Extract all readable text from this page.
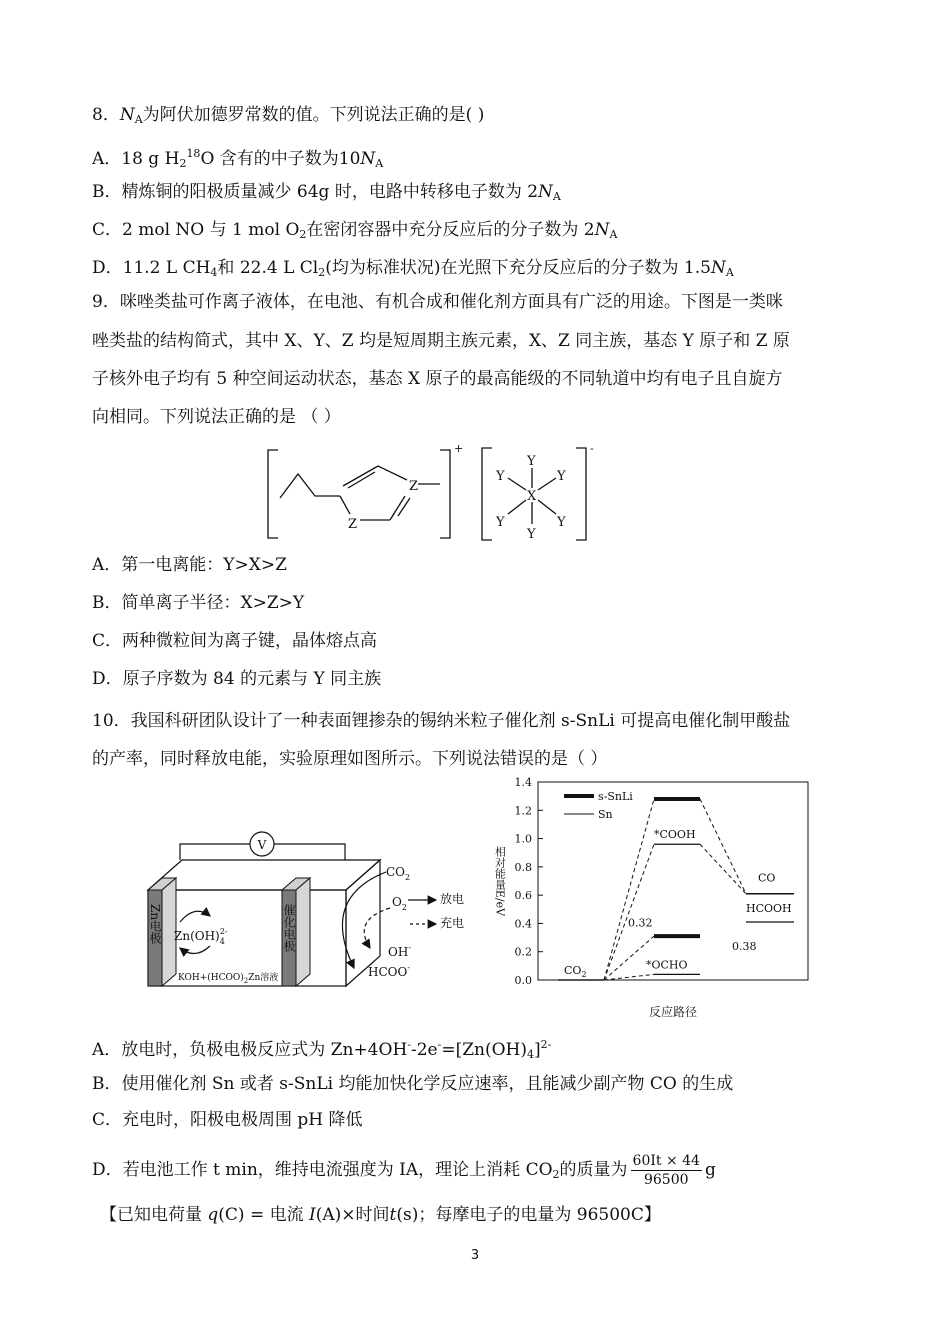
8．$N_A$为阿伏加德罗常数的值。下列说法正确的是( )
A．18 g $H_2^{18}O$ 含有的中子数为$10N_A$
B．精炼铜的阳极质量减少 64g 时，电路中转移电子数为 $2N_A$
C．2 mol NO 与 1 mol $O_2$在密闭容器中充分反应后的分子数为 $2N_A$
D．11.2 L $CH_4$和 22.4 L $Cl_2$(均为标准状况)在光照下充分反应后的分子数为 $1.5N_A$
9．咪唑类盐可作离子液体，在电池、有机合成和催化剂方面具有广泛的用途。下图是一类咪
唑类盐的结构简式，其中 X、Y、Z 均是短周期主族元素，X、Z 同主族，基态 Y 原子和 Z 原
子核外电子均有 5 种空间运动状态，基态 X 原子的最高能级的不同轨道中均有电子且自旋方
向相同。下列说法正确的是 （ ）
Z
Z
+	-
X
Y
Y
Y	Y
Y	Y
A．第一电离能：Y>X>Z
B．简单离子半径：X>Z>Y
C．两种微粒间为离子键，晶体熔点高
D．原子序数为 84 的元素与 Y 同主族
10．我国科研团队设计了一种表面锂掺杂的锡纳米粒子催化剂 s-SnLi 可提高电催化制甲酸盐
的产率，同时释放电能，实验原理如图所示。下列说法错误的是（ ）
V
Zn电极	催化电极
$Zn(OH)_42-$
$KOH+(HCOO)_2Zn$溶液
$CO_2$
$O_2$
放电
充电
OH-
HCOO-
0.0
0.2
0.4
0.6
0.8
1.0
1.2
1.4
相对能量E/eV
反应路径
s-SnLi
Sn
$CO_2$
*COOH
*OCHO
CO
HCOOH
0.32
0.38
A．放电时，负极电极反应式为 $Zn+4OH^--2e^-=[Zn(OH)_4]^{2-}$
B．使用催化剂 Sn 或者 s-SnLi 均能加快化学反应速率，且能减少副产物 CO 的生成
C．充电时，阳极电极周围 pH 降低
D．若电池工作 t min，维持电流强度为 IA，理论上消耗 $CO_2$的质量为 $\frac{60It \times 44}{96500}$ g
【已知电荷量 q(C) = 电流 I(A)×时间t(s)；每摩电子的电量为 96500C】
3
